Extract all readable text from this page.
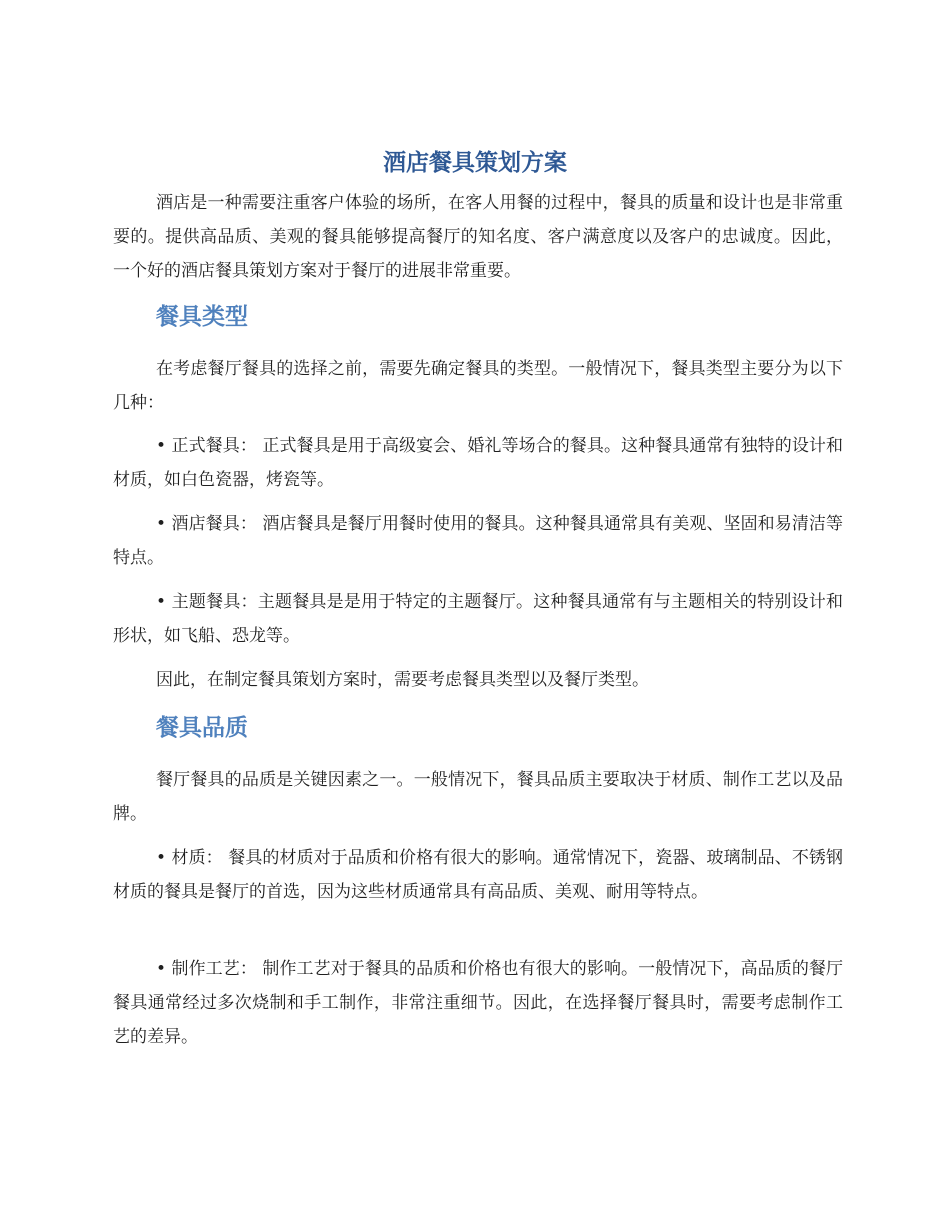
酒店餐具策划方案

酒店是一种需要注重客户体验的场所，在客人用餐的过程中，餐具的质量和设计也是非常重要的。提供高品质、美观的餐具能够提高餐厅的知名度、客户满意度以及客户的忠诚度。因此，一个好的酒店餐具策划方案对于餐厅的进展非常重要。

餐具类型

在考虑餐厅餐具的选择之前，需要先确定餐具的类型。一般情况下，餐具类型主要分为以下几种：

• 正式餐具： 正式餐具是用于高级宴会、婚礼等场合的餐具。这种餐具通常有独特的设计和材质，如白色瓷器，烤瓷等。

• 酒店餐具： 酒店餐具是餐厅用餐时使用的餐具。这种餐具通常具有美观、坚固和易清洁等特点。

• 主题餐具：主题餐具是是用于特定的主题餐厅。这种餐具通常有与主题相关的特别设计和形状，如飞船、恐龙等。

因此，在制定餐具策划方案时，需要考虑餐具类型以及餐厅类型。

餐具品质

餐厅餐具的品质是关键因素之一。一般情况下，餐具品质主要取决于材质、制作工艺以及品牌。

• 材质： 餐具的材质对于品质和价格有很大的影响。通常情况下，瓷器、玻璃制品、不锈钢材质的餐具是餐厅的首选，因为这些材质通常具有高品质、美观、耐用等特点。

• 制作工艺： 制作工艺对于餐具的品质和价格也有很大的影响。一般情况下，高品质的餐厅餐具通常经过多次烧制和手工制作，非常注重细节。因此，在选择餐厅餐具时，需要考虑制作工艺的差异。
